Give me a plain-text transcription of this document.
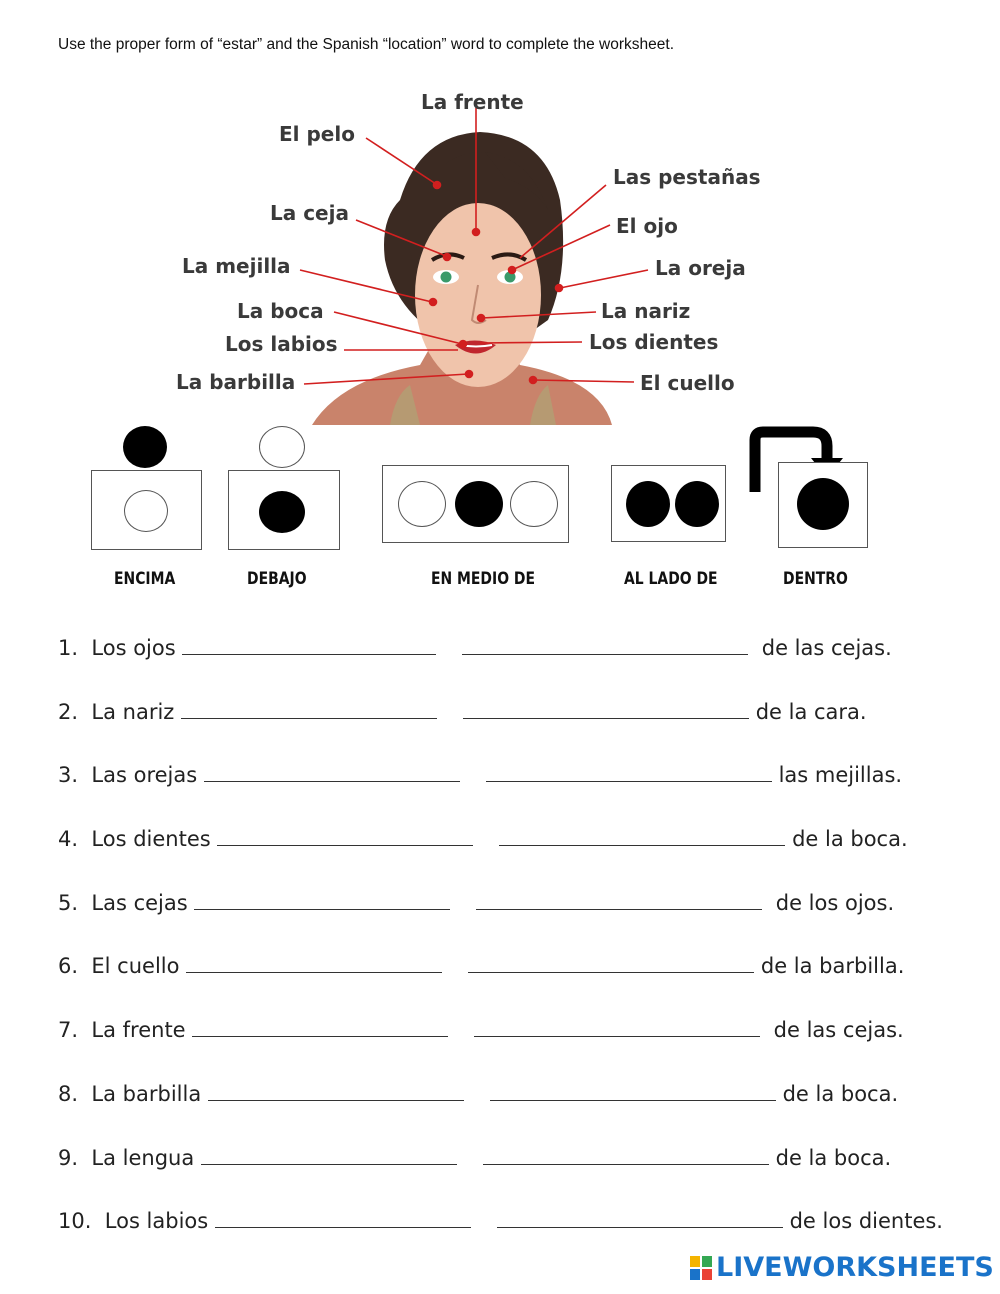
Use the proper form of “estar” and the Spanish “location” word to complete the worksheet.
La frente
El pelo
Las pestañas
La ceja
El ojo
La mejilla	La oreja
La boca	La nariz
Los labios	Los dientes
La barbilla	El cuello
ENCIMA	DEBAJO	EN MEDIO DE	AL LADO DE	DENTRO
1.
Los ojos

	de las cejas.
2.
La nariz

	de la cara.
3.
Las orejas

	las mejillas.
4.
Los dientes

	de la boca.
5.
Las cejas

	de los ojos.
6.
El cuello

	de la barbilla.
7.
La frente

	de las cejas.
8.
La barbilla

	de la boca.
9.
La lengua

	de la boca.
10.
Los labios

	de los dientes.
LIVEWORKSHEETS
